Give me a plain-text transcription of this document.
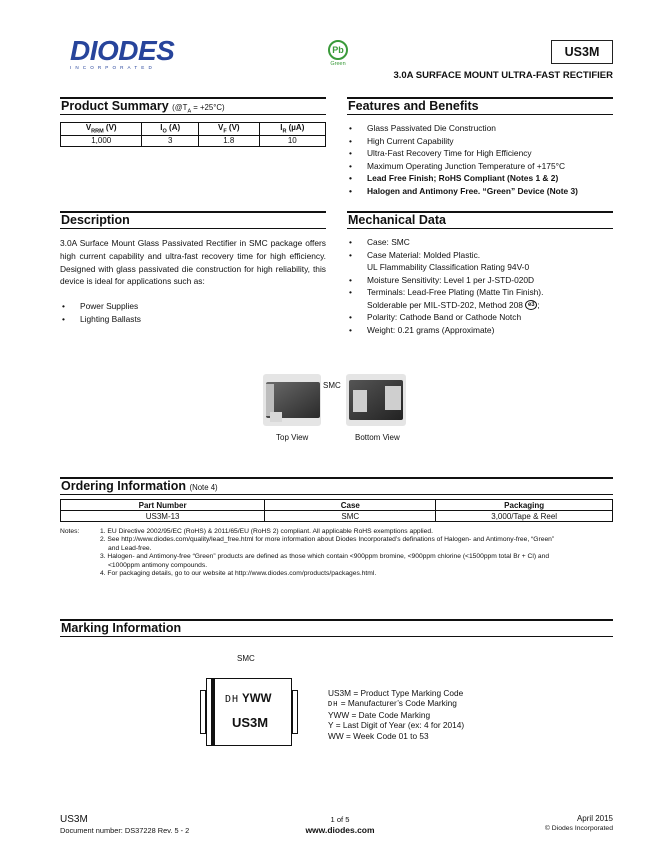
DIODES
INCORPORATED
Pb
Green
US3M
3.0A SURFACE MOUNT ULTRA-FAST RECTIFIER
Product Summary $(@T_A = +25^\circ C)$
$V_{RRM}$ (V)	$I_O$ (A)	$V_F$ (V)	$I_R$ (µA)
1,000	3	1.8	10
Features and Benefits
• Glass Passivated Die Construction
• High Current Capability
• Ultra-Fast Recovery Time for High Efficiency
• Maximum Operating Junction Temperature of +175°C
• Lead Free Finish; RoHS Compliant (Notes 1 & 2)
• Halogen and Antimony Free. “Green” Device (Note 3)
Description
3.0A Surface Mount Glass Passivated Rectifier in SMC package offers high current capability and ultra-fast recovery time for high efficiency. Designed with glass passivated die construction for high reliability, this device is ideal for applications such as:
• Power Supplies
• Lighting Ballasts
Mechanical Data
• Case: SMC
• Case Material: Molded Plastic.
UL Flammability Classification Rating 94V-0
• Moisture Sensitivity: Level 1 per J-STD-020D
• Terminals: Lead-Free Plating (Matte Tin Finish).
Solderable per MIL-STD-202, Method 208 e3 ;
• Polarity: Cathode Band or Cathode Notch
• Weight: 0.21 grams (Approximate)
SMC
Top View	Bottom View
Ordering Information (Note 4)
Part Number	Case	Packaging
US3M-13	SMC	3,000/Tape & Reel
Notes:	1. EU Directive 2002/95/EC (RoHS) & 2011/65/EU (RoHS 2) compliant. All applicable RoHS exemptions applied.
2. See http://www.diodes.com/quality/lead_free.html for more information about Diodes Incorporated’s definations of Halogen- and Antimony-free, “Green”
and Lead-free.
3. Halogen- and Antimony-free “Green” products are defined as those which contain <900ppm bromine, <900ppm chlorine (<1500ppm total Br + Cl) and
<1000ppm antimony compounds.
4. For packaging details, go to our website at http://www.diodes.com/products/packages.html.
Marking Information
SMC
DH YWW
US3M
US3M = Product Type Marking Code
DH = Manufacturer’s Code Marking
YWW = Date Code Marking
Y = Last Digit of Year (ex: 4 for 2014)
WW = Week Code 01 to 53
US3M
Document number: DS37228 Rev. 5 - 2
1 of 5
www.diodes.com
April 2015
© Diodes Incorporated
